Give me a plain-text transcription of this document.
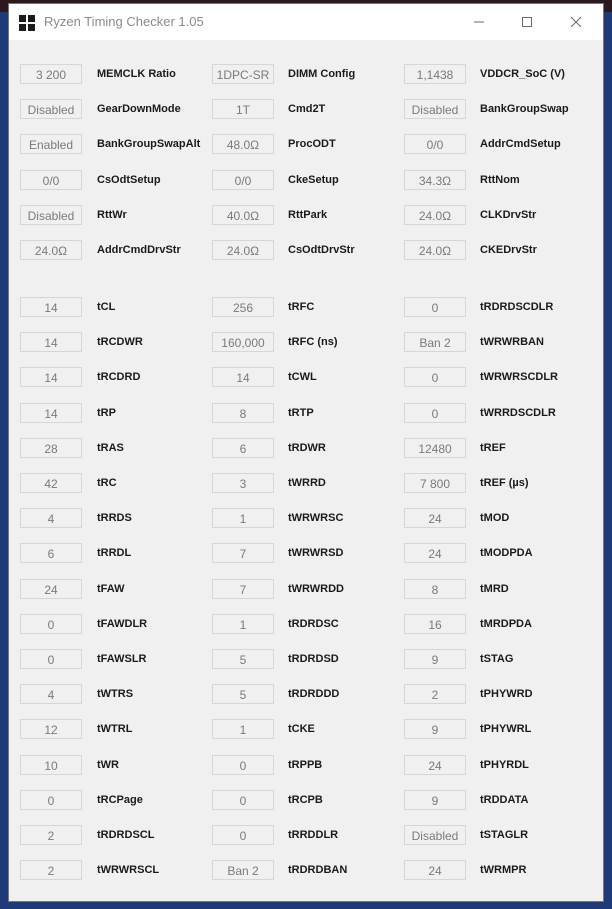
Ryzen Timing Checker 1.05
3 200	MEMCLK Ratio	1DPC-SR	DIMM Config	1,1438	VDDCR_SoC (V)
Disabled	GearDownMode	1T	Cmd2T	Disabled	BankGroupSwap
Enabled	BankGroupSwapAlt	48.0Ω	ProcODT	0/0	AddrCmdSetup
0/0	CsOdtSetup	0/0	CkeSetup	34.3Ω	RttNom
Disabled	RttWr	40.0Ω	RttPark	24.0Ω	CLKDrvStr
24.0Ω	AddrCmdDrvStr	24.0Ω	CsOdtDrvStr	24.0Ω	CKEDrvStr
14	tCL	256	tRFC	0	tRDRDSCDLR
14	tRCDWR	160,000	tRFC (ns)	Ban 2	tWRWRBAN
14	tRCDRD	14	tCWL	0	tWRWRSCDLR
14	tRP	8	tRTP	0	tWRRDSCDLR
28	tRAS	6	tRDWR	12480	tREF
42	tRC	3	tWRRD	7 800	tREF (µs)
4	tRRDS	1	tWRWRSC	24	tMOD
6	tRRDL	7	tWRWRSD	24	tMODPDA
24	tFAW	7	tWRWRDD	8	tMRD
0	tFAWDLR	1	tRDRDSC	16	tMRDPDA
0	tFAWSLR	5	tRDRDSD	9	tSTAG
4	tWTRS	5	tRDRDDD	2	tPHYWRD
12	tWTRL	1	tCKE	9	tPHYWRL
10	tWR	0	tRPPB	24	tPHYRDL
0	tRCPage	0	tRCPB	9	tRDDATA
2	tRDRDSCL	0	tRRDDLR	Disabled	tSTAGLR
2	tWRWRSCL	Ban 2	tRDRDBAN	24	tWRMPR
